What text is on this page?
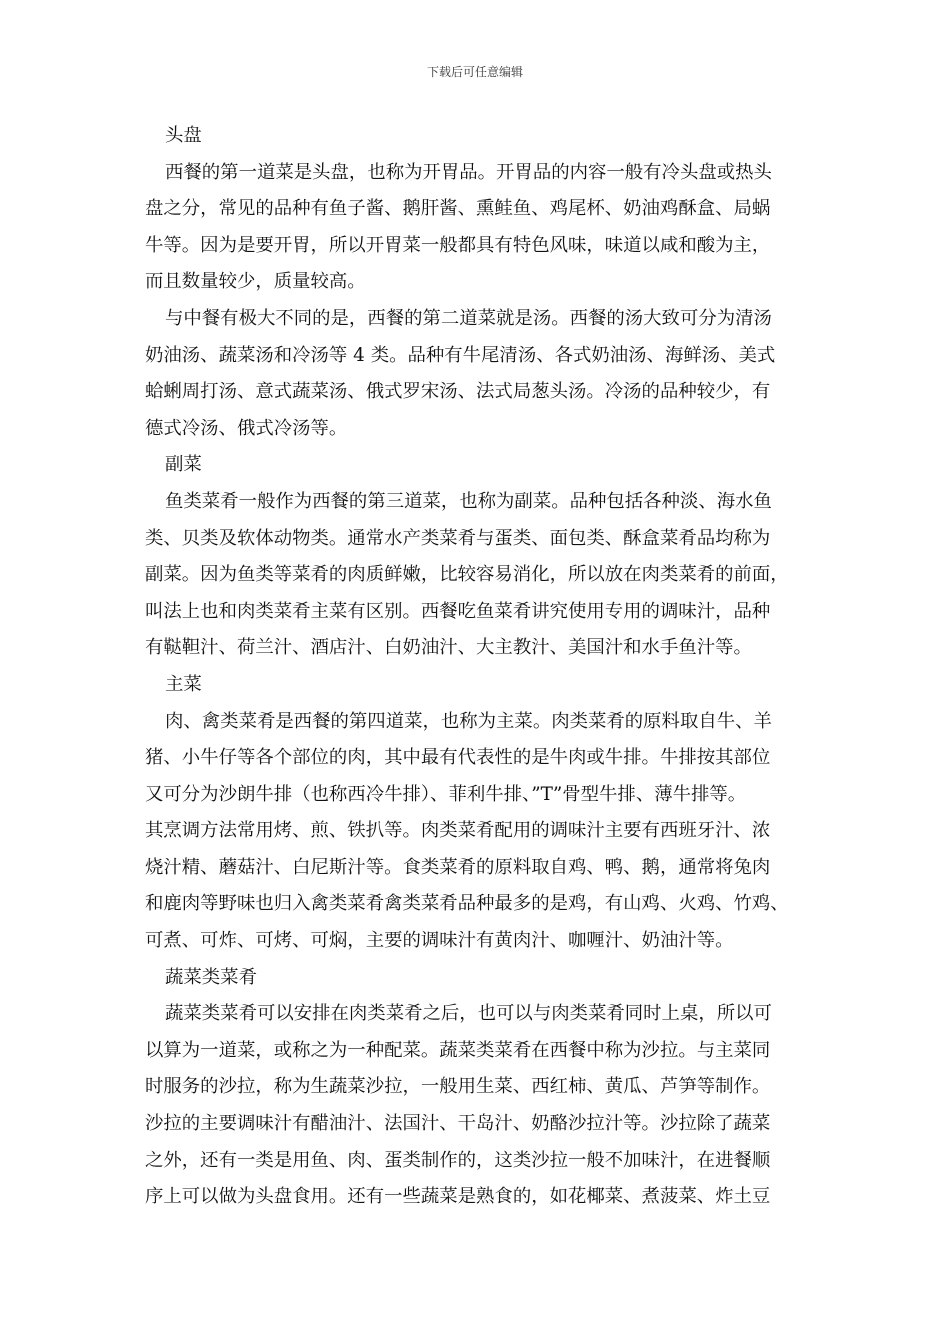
下载后可任意编辑
头盘
西餐的第一道菜是头盘，也称为开胃品。开胃品的内容一般有冷头盘或热头
盘之分，常见的品种有鱼子酱、鹅肝酱、熏鲑鱼、鸡尾杯、奶油鸡酥盒、局蜗
牛等。因为是要开胃，所以开胃菜一般都具有特色风味，味道以咸和酸为主，
而且数量较少，质量较高。
与中餐有极大不同的是，西餐的第二道菜就是汤。西餐的汤大致可分为清汤
奶油汤、蔬菜汤和冷汤等 4 类。品种有牛尾清汤、各式奶油汤、海鲜汤、美式
蛤蜊周打汤、意式蔬菜汤、俄式罗宋汤、法式局葱头汤。冷汤的品种较少，有
德式冷汤、俄式冷汤等。
副菜
鱼类菜肴一般作为西餐的第三道菜，也称为副菜。品种包括各种淡、海水鱼
类、贝类及软体动物类。通常水产类菜肴与蛋类、面包类、酥盒菜肴品均称为
副菜。因为鱼类等菜肴的肉质鲜嫩，比较容易消化，所以放在肉类菜肴的前面，
叫法上也和肉类菜肴主菜有区别。西餐吃鱼菜肴讲究使用专用的调味汁，品种
有鞑靼汁、荷兰汁、酒店汁、白奶油汁、大主教汁、美国汁和水手鱼汁等。
主菜
肉、禽类菜肴是西餐的第四道菜，也称为主菜。肉类菜肴的原料取自牛、羊
猪、小牛仔等各个部位的肉，其中最有代表性的是牛肉或牛排。牛排按其部位
又可分为沙朗牛排（也称西冷牛排）、菲利牛排、”T”骨型牛排、薄牛排等。
其烹调方法常用烤、煎、铁扒等。肉类菜肴配用的调味汁主要有西班牙汁、浓
烧汁精、蘑菇汁、白尼斯汁等。食类菜肴的原料取自鸡、鸭、鹅，通常将兔肉
和鹿肉等野味也归入禽类菜肴禽类菜肴品种最多的是鸡，有山鸡、火鸡、竹鸡、
可煮、可炸、可烤、可焖，主要的调味汁有黄肉汁、咖喱汁、奶油汁等。
蔬菜类菜肴
蔬菜类菜肴可以安排在肉类菜肴之后，也可以与肉类菜肴同时上桌，所以可
以算为一道菜，或称之为一种配菜。蔬菜类菜肴在西餐中称为沙拉。与主菜同
时服务的沙拉，称为生蔬菜沙拉，一般用生菜、西红柿、黄瓜、芦笋等制作。
沙拉的主要调味汁有醋油汁、法国汁、干岛汁、奶酪沙拉汁等。沙拉除了蔬菜
之外，还有一类是用鱼、肉、蛋类制作的，这类沙拉一般不加味汁，在进餐顺
序上可以做为头盘食用。还有一些蔬菜是熟食的，如花椰菜、煮菠菜、炸土豆
